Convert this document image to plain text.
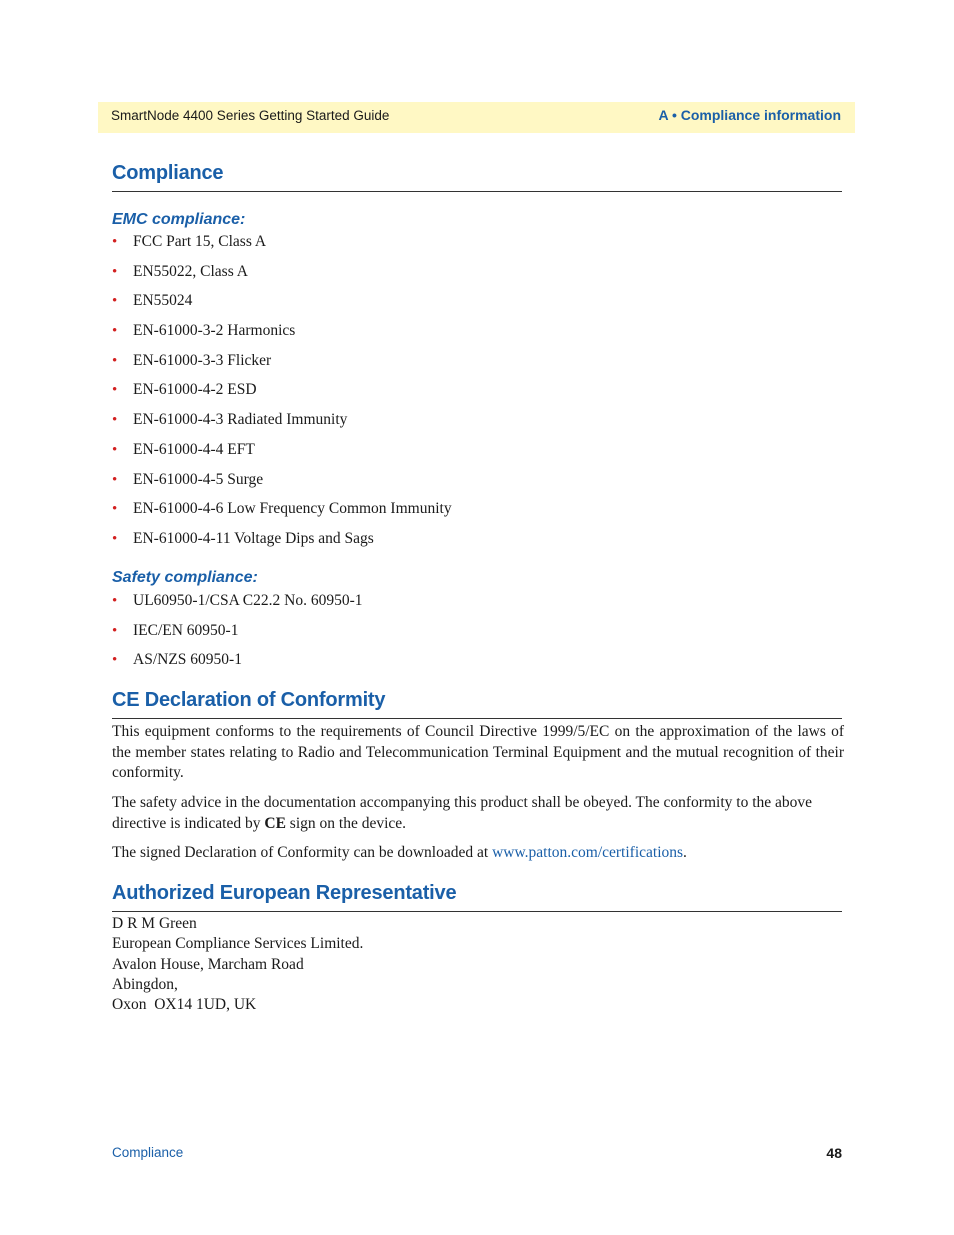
SmartNode 4400 Series Getting Started Guide	A • Compliance information
Compliance
EMC compliance:
• FCC Part 15, Class A
• EN55022, Class A
• EN55024
• EN-61000-3-2 Harmonics
• EN-61000-3-3 Flicker
• EN-61000-4-2 ESD
• EN-61000-4-3 Radiated Immunity
• EN-61000-4-4 EFT
• EN-61000-4-5 Surge
• EN-61000-4-6 Low Frequency Common Immunity
• EN-61000-4-11 Voltage Dips and Sags
Safety compliance:
• UL60950-1/CSA C22.2 No. 60950-1
• IEC/EN 60950-1
• AS/NZS 60950-1
CE Declaration of Conformity

This equipment conforms to the requirements of Council Directive 1999/5/EC on the approximation of the laws of the member states relating to Radio and Telecommunication Terminal Equipment and the mutual recognition of their conformity.

The safety advice in the documentation accompanying this product shall be obeyed. The conformity to the above directive is indicated by CE sign on the device.

The signed Declaration of Conformity can be downloaded at www.patton.com/certifications.

Authorized European Representative
D R M Green
European Compliance Services Limited.
Avalon House, Marcham Road
Abingdon,
Oxon  OX14 1UD, UK
Compliance	48
